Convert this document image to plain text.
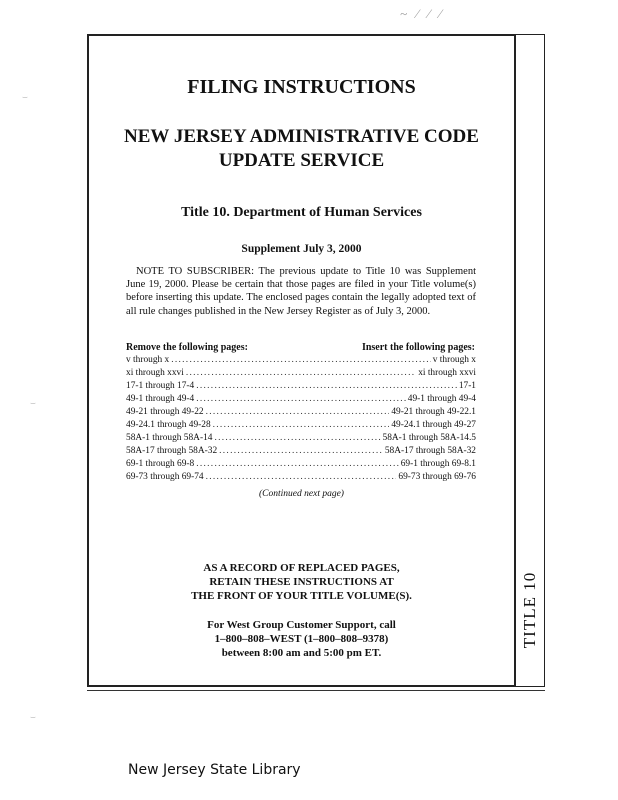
~ ⁄ ⁄ ∕
⌣
⌣
⌣
TITLE 10
FILING INSTRUCTIONS
NEW JERSEY ADMINISTRATIVE CODE
UPDATE SERVICE
Title 10. Department of Human Services
Supplement July 3, 2000
NOTE TO SUBSCRIBER: The previous update to Title 10 was Supplement June 19, 2000. Please be certain that those pages are filed in your Title volume(s) before inserting this update. The enclosed pages contain the legally adopted text of all rule changes published in the New Jersey Register as of July 3, 2000.
Remove the following pages:	Insert the following pages:
v through x .....	v through x
xi through xxvi .....	xi through xxvi
17-1 through 17-4 .....	17-1
49-1 through 49-4 .....	49-1 through 49-4
49-21 through 49-22 .....	49-21 through 49-22.1
49-24.1 through 49-28 .....	49-24.1 through 49-27
58A-1 through 58A-14 .....	58A-1 through 58A-14.5
58A-17 through 58A-32 .....	58A-17 through 58A-32
69-1 through 69-8 .....	69-1 through 69-8.1
69-73 through 69-74 .....	69-73 through 69-76
(Continued next page)
AS A RECORD OF REPLACED PAGES,
RETAIN THESE INSTRUCTIONS AT
THE FRONT OF YOUR TITLE VOLUME(S).
For West Group Customer Support, call
1–800–808–WEST (1–800–808–9378)
between 8:00 am and 5:00 pm ET.
New Jersey State Library
